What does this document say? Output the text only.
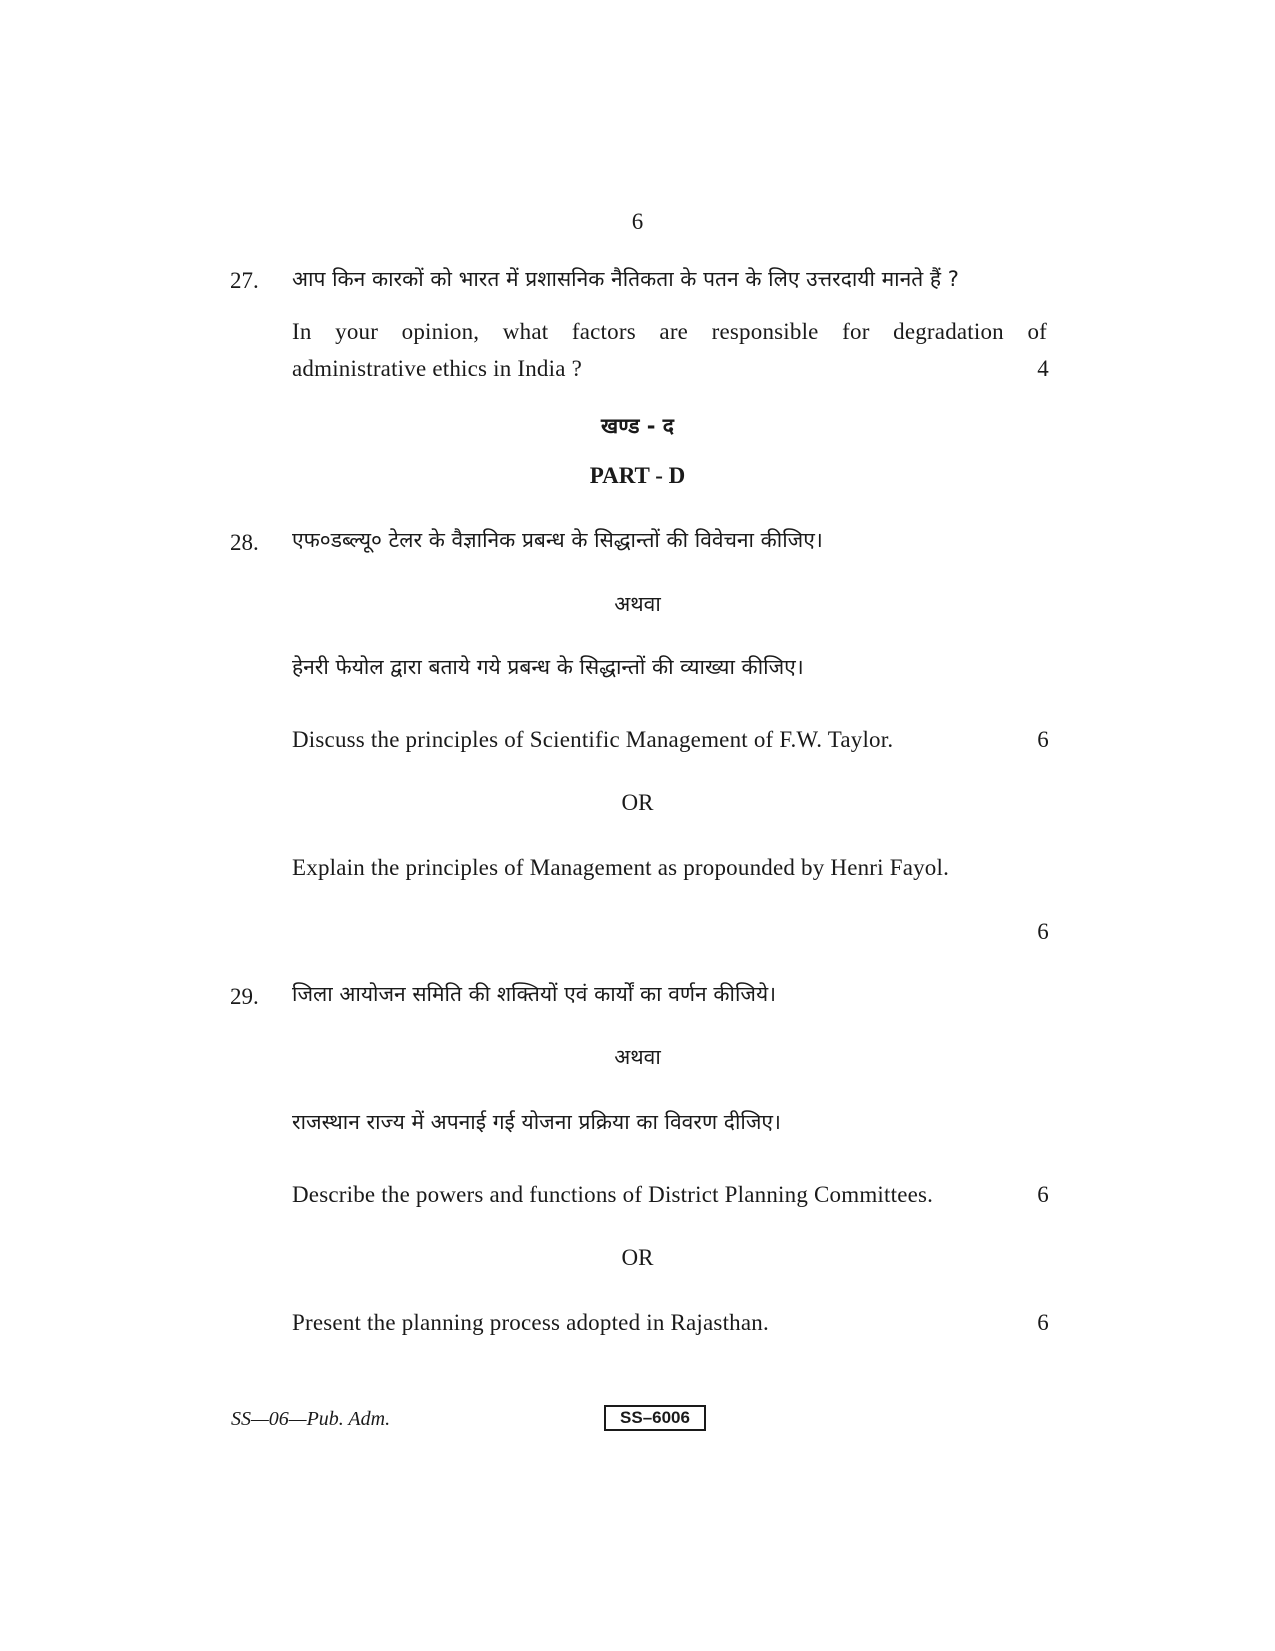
6
27. आप किन कारकों को भारत में प्रशासनिक नैतिकता के पतन के लिए उत्तरदायी मानते हैं ?
In your opinion, what factors are responsible for degradation of
administrative ethics in India ?	4
खण्ड - द
PART - D
28. एफ०डब्ल्यू० टेलर के वैज्ञानिक प्रबन्ध के सिद्धान्तों की विवेचना कीजिए।
अथवा
हेनरी फेयोल द्वारा बताये गये प्रबन्ध के सिद्धान्तों की व्याख्या कीजिए।
Discuss the principles of Scientific Management of F.W. Taylor.	6
OR
Explain the principles of Management as propounded by Henri Fayol.
6
29. जिला आयोजन समिति की शक्तियों एवं कार्यों का वर्णन कीजिये।
अथवा
राजस्थान राज्य में अपनाई गई योजना प्रक्रिया का विवरण दीजिए।
Describe the powers and functions of District Planning Committees.	6
OR
Present the planning process adopted in Rajasthan.	6
SS—06—Pub. Adm.	SS–6006
